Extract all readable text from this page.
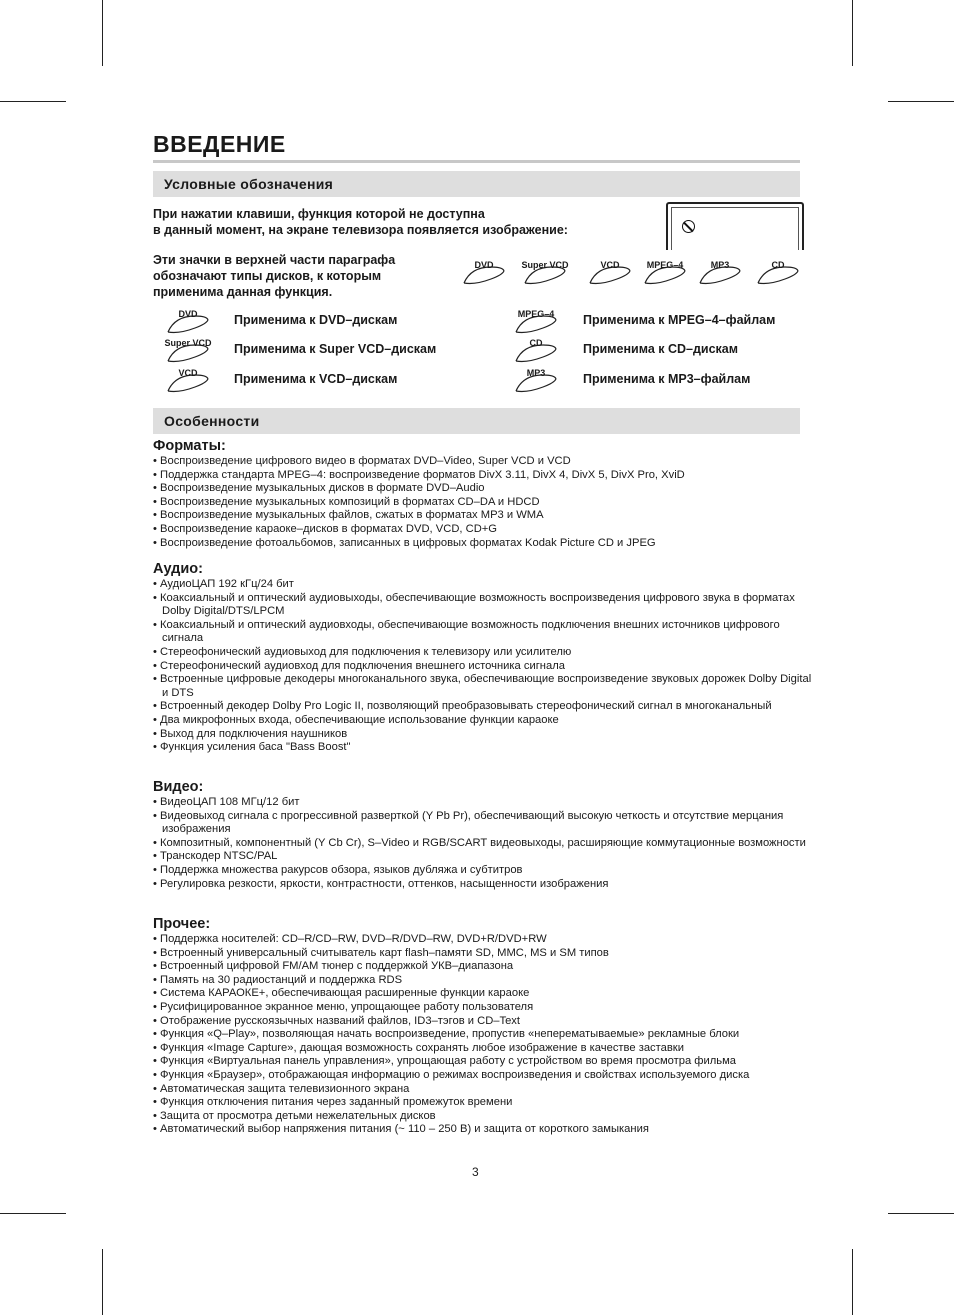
ВВЕДЕНИЕ
Условные обозначения
При нажатии клавиши, функция которой не доступна
в данный момент, на экране телевизора появляется изображение:
Эти значки в верхней части параграфа
обозначают типы дисков, к которым
применима данная функция.
DVD	Super VCD	VCD	MPEG–4	MP3	CD
DVD	Применима к DVD–дискам
Super VCD	Применима к Super VCD–дискам
VCD	Применима к VCD–дискам
MPEG–4	Применима к MPEG–4–файлам
CD	Применима к CD–дискам
MP3	Применима к MP3–файлам
Особенности
Форматы:
• Воспроизведение цифрового видео в форматах DVD–Video, Super VCD и VCD
• Поддержка стандарта MPEG–4: воспроизведение форматов DivX 3.11, DivX 4, DivX 5, DivX Pro, XviD
• Воспроизведение музыкальных дисков в формате DVD–Audio
• Воспроизведение музыкальных композиций в форматах CD–DA и HDCD
• Воспроизведение музыкальных файлов, сжатых в форматах MP3 и WMA
• Воспроизведение караоке–дисков в форматах DVD, VCD, CD+G
• Воспроизведение фотоальбомов, записанных в цифровых форматах Kodak Picture CD и JPEG
Аудио:
• АудиоЦАП 192 кГц/24 бит
• Коаксиальный и оптический аудиовыходы, обеспечивающие возможность воспроизведения цифрового звука в форматах Dolby Digital/DTS/LPCM
• Коаксиальный и оптический аудиовходы, обеспечивающие возможность подключения внешних источников цифрового сигнала
• Стереофонический аудиовыход для подключения к телевизору или усилителю
• Стереофонический аудиовход для подключения внешнего источника сигнала
• Встроенные цифровые декодеры многоканального звука, обеспечивающие воспроизведение звуковых дорожек Dolby Digital и DTS
• Встроенный декодер Dolby Pro Logic II, позволяющий преобразовывать стереофонический сигнал в многоканальный
• Два микрофонных входа, обеспечивающие использование функции караоке
• Выход для подключения наушников
• Функция усиления баса "Bass Boost"
Видео:
• ВидеоЦАП 108 МГц/12 бит
• Видеовыход сигнала с прогрессивной разверткой (Y Pb Pr), обеспечивающий высокую четкость и отсутствие мерцания изображения
• Композитный, компонентный (Y Cb Cr), S–Video и RGB/SCART видеовыходы, расширяющие коммутационные возможности
• Транскодер NTSC/PAL
• Поддержка множества ракурсов обзора, языков дубляжа и субтитров
• Регулировка резкости, яркости, контрастности, оттенков, насыщенности изображения
Прочее:
• Поддержка носителей: CD–R/CD–RW, DVD–R/DVD–RW, DVD+R/DVD+RW
• Встроенный универсальный считыватель карт flash–памяти SD, MMC, MS и SM типов
• Встроенный цифровой FM/AM тюнер с поддержкой УКВ–диапазона
• Память на 30 радиостанций и поддержка RDS
• Система КАРАОКЕ+, обеспечивающая расширенные функции караоке
• Русифицированное экранное меню, упрощающее работу пользователя
• Отображение русскоязычных названий файлов, ID3–тэгов и CD–Text
• Функция «Q–Play», позволяющая начать воспроизведение, пропустив «неперематываемые» рекламные блоки
• Функция «Image Capture», дающая возможность сохранять любое изображение в качестве заставки
• Функция «Виртуальная панель управления», упрощающая работу с устройством во время просмотра фильма
• Функция «Браузер», отображающая информацию о режимах воспроизведения и свойствах используемого диска
• Автоматическая защита телевизионного экрана
• Функция отключения питания через заданный промежуток времени
• Защита от просмотра детьми нежелательных дисков
• Автоматический выбор напряжения питания (~ 110 – 250 В) и защита от короткого замыкания
3
